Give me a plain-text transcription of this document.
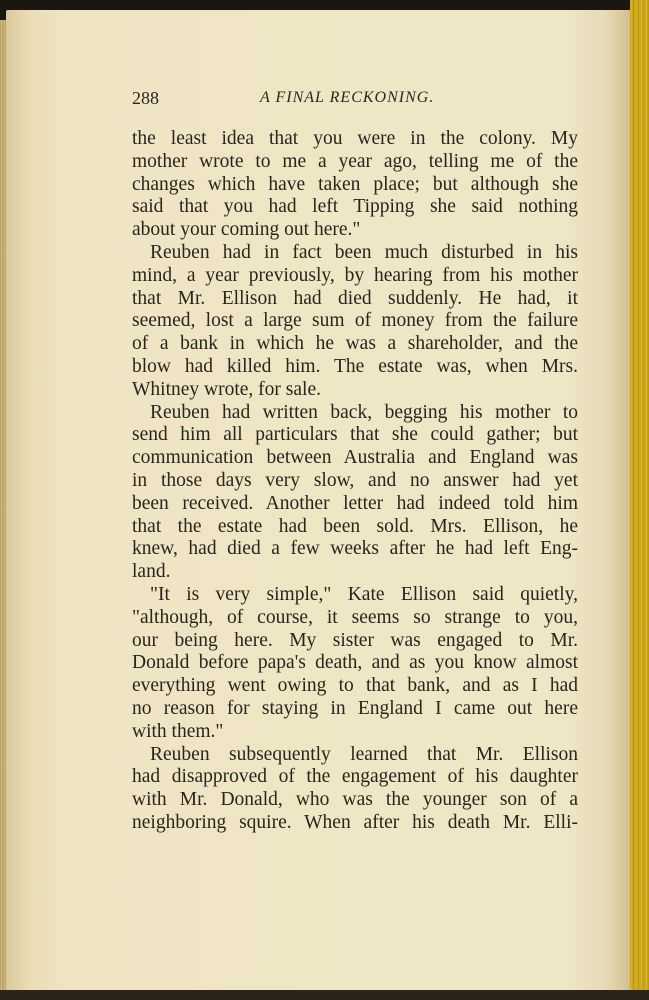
288	A FINAL RECKONING.
the least idea that you were in the colony. My
mother wrote to me a year ago, telling me of the
changes which have taken place; but although she
said that you had left Tipping she said nothing
about your coming out here."
Reuben had in fact been much disturbed in his
mind, a year previously, by hearing from his mother
that Mr. Ellison had died suddenly. He had, it
seemed, lost a large sum of money from the failure
of a bank in which he was a shareholder, and the
blow had killed him. The estate was, when Mrs.
Whitney wrote, for sale.
Reuben had written back, begging his mother to
send him all particulars that she could gather; but
communication between Australia and England was
in those days very slow, and no answer had yet
been received. Another letter had indeed told him
that the estate had been sold. Mrs. Ellison, he
knew, had died a few weeks after he had left Eng-
land.
"It is very simple," Kate Ellison said quietly,
"although, of course, it seems so strange to you,
our being here. My sister was engaged to Mr.
Donald before papa's death, and as you know almost
everything went owing to that bank, and as I had
no reason for staying in England I came out here
with them."
Reuben subsequently learned that Mr. Ellison
had disapproved of the engagement of his daughter
with Mr. Donald, who was the younger son of a
neighboring squire. When after his death Mr. Elli-
